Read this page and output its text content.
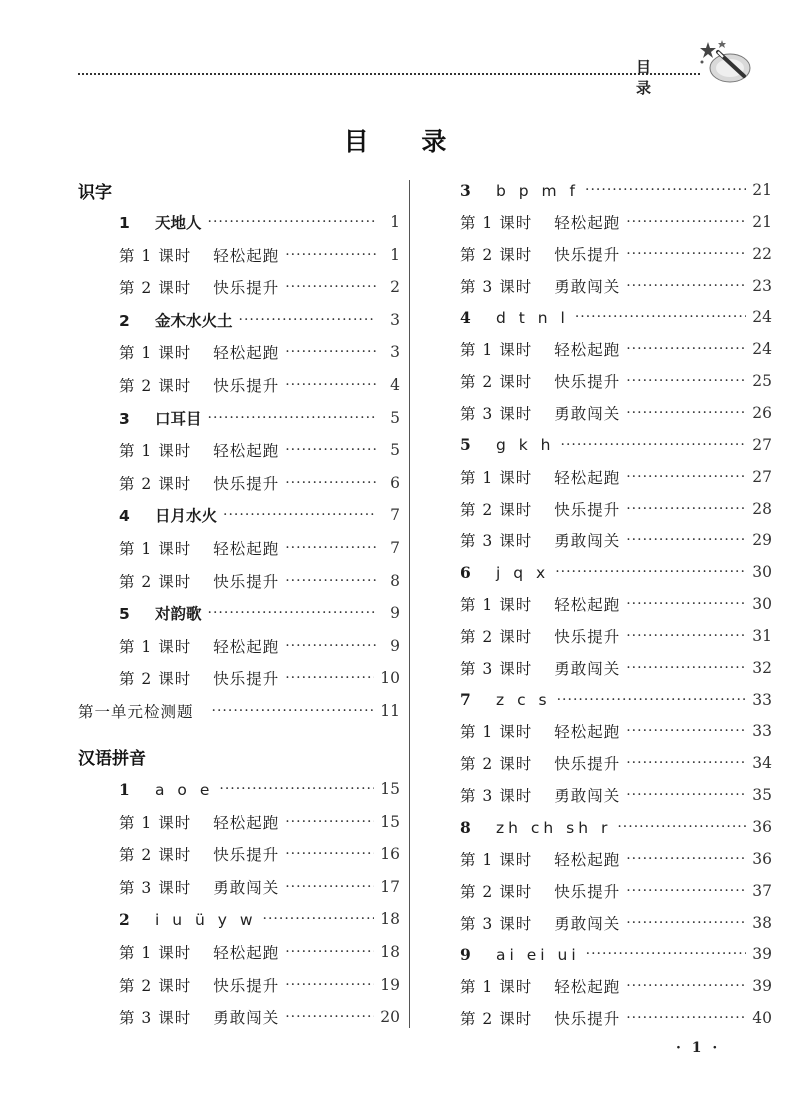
目 录
目 录
识字
1 天地人 ·····	1
第 1 课时 轻松起跑 ·····	1
第 2 课时 快乐提升 ·····	2
2 金木水火土 ·····	3
第 1 课时 轻松起跑 ·····	3
第 2 课时 快乐提升 ·····	4
3 口耳目 ·····	5
第 1 课时 轻松起跑 ·····	5
第 2 课时 快乐提升 ·····	6
4 日月水火 ·····	7
第 1 课时 轻松起跑 ·····	7
第 2 课时 快乐提升 ·····	8
5 对韵歌 ·····	9
第 1 课时 轻松起跑 ·····	9
第 2 课时 快乐提升 ·····	10
第一单元检测题 ·····	11
汉语拼音
1 a o e ·····	15
第 1 课时 轻松起跑 ·····	15
第 2 课时 快乐提升 ·····	16
第 3 课时 勇敢闯关 ·····	17
2 i u ü y w ·····	18
第 1 课时 轻松起跑 ·····	18
第 2 课时 快乐提升 ·····	19
第 3 课时 勇敢闯关 ·····	20
3 b p m f ·····	21
第 1 课时 轻松起跑 ·····	21
第 2 课时 快乐提升 ·····	22
第 3 课时 勇敢闯关 ·····	23
4 d t n l ·····	24
第 1 课时 轻松起跑 ·····	24
第 2 课时 快乐提升 ·····	25
第 3 课时 勇敢闯关 ·····	26
5 g k h ·····	27
第 1 课时 轻松起跑 ·····	27
第 2 课时 快乐提升 ·····	28
第 3 课时 勇敢闯关 ·····	29
6 j q x ·····	30
第 1 课时 轻松起跑 ·····	30
第 2 课时 快乐提升 ·····	31
第 3 课时 勇敢闯关 ·····	32
7 z c s ·····	33
第 1 课时 轻松起跑 ·····	33
第 2 课时 快乐提升 ·····	34
第 3 课时 勇敢闯关 ·····	35
8 zh ch sh r ·····	36
第 1 课时 轻松起跑 ·····	36
第 2 课时 快乐提升 ·····	37
第 3 课时 勇敢闯关 ·····	38
9 ai ei ui ·····	39
第 1 课时 轻松起跑 ·····	39
第 2 课时 快乐提升 ·····	40
· 1 ·
